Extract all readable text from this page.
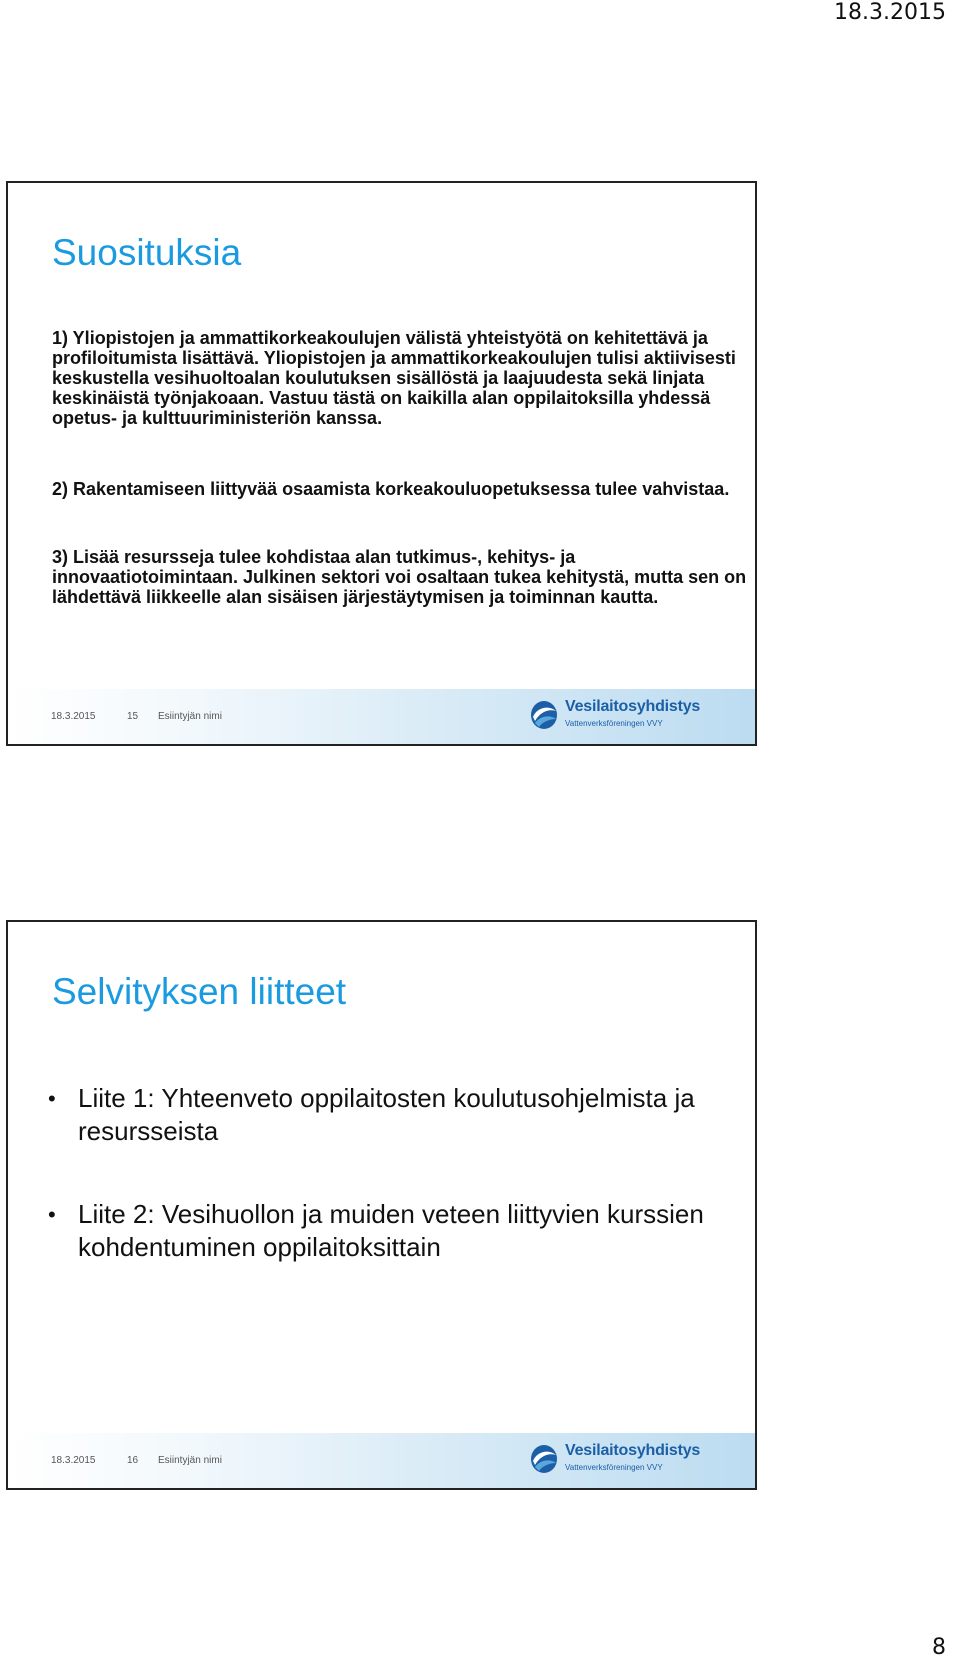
18.3.2015
Suosituksia

1) Yliopistojen ja ammattikorkeakoulujen välistä yhteistyötä on kehitettävä ja profiloitumista lisättävä. Yliopistojen ja ammattikorkeakoulujen tulisi aktiivisesti keskustella vesihuoltoalan koulutuksen sisällöstä ja laajuudesta sekä linjata keskinäistä työnjakoaan. Vastuu tästä on kaikilla alan oppilaitoksilla yhdessä opetus- ja kulttuuriministeriön kanssa.

2) Rakentamiseen liittyvää osaamista korkeakouluopetuksessa tulee vahvistaa.

3) Lisää resursseja tulee kohdistaa alan tutkimus-, kehitys- ja innovaatiotoimintaan. Julkinen sektori voi osaltaan tukea kehitystä, mutta sen on lähdettävä liikkeelle alan sisäisen järjestäytymisen ja toiminnan kautta.

18.3.2015	15 Esiintyjän nimi
Vesilaitosyhdistys
Vattenverksföreningen VVY
Selvityksen liitteet
• Liite 1: Yhteenveto oppilaitosten koulutusohjelmista ja resursseista
• Liite 2: Vesihuollon ja muiden veteen liittyvien kurssien kohdentuminen oppilaitoksittain
18.3.2015	16 Esiintyjän nimi
Vesilaitosyhdistys
Vattenverksföreningen VVY
8
